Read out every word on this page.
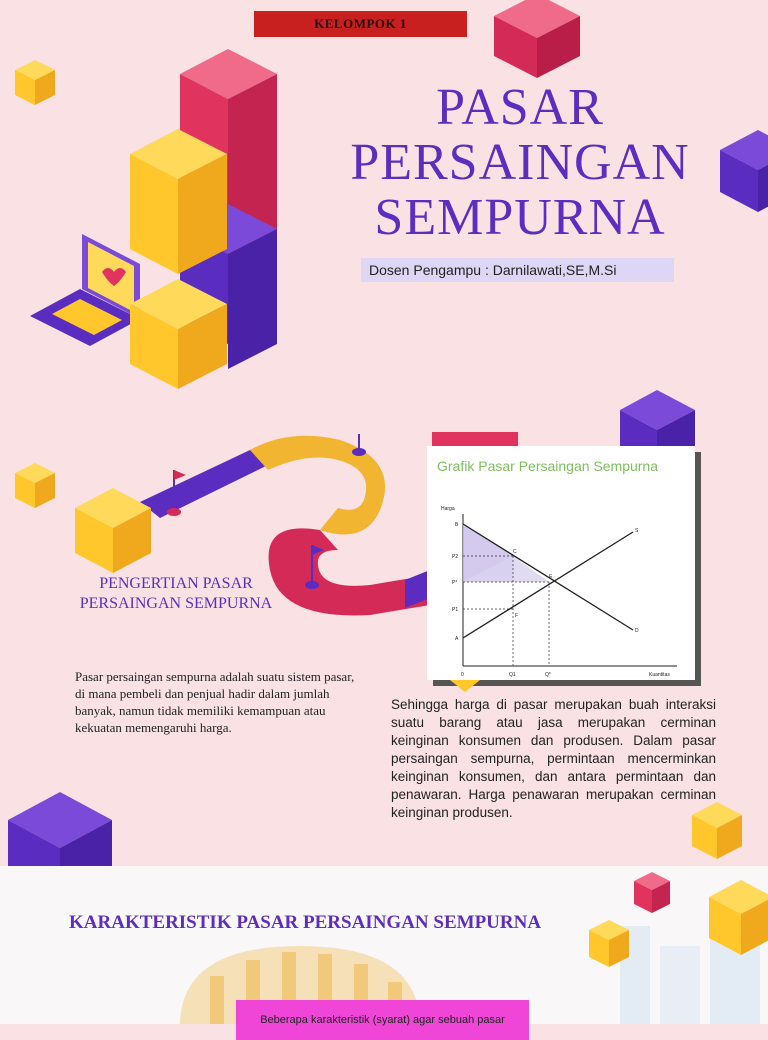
KELOMPOK 1
PASAR
PERSAINGAN
SEMPURNA
Dosen Pengampu : Darnilawati,SE,M.Si
PENGERTIAN PASAR PERSAINGAN SEMPURNA
Pasar persaingan sempurna adalah suatu sistem pasar, di mana pembeli dan penjual hadir dalam jumlah banyak, namun tidak memiliki kemampuan atau kekuatan memengaruhi harga.
Grafik Pasar Persaingan Sempurna
Harga
Kuantitas
B
P2
C
P*
E
P1
F
A
S
D
0	Q1	Q*
Sehingga harga di pasar merupakan buah interaksi suatu barang atau jasa merupakan cerminan keinginan konsumen dan produsen. Dalam pasar persaingan sempurna, permintaan mencerminkan keinginan konsumen, dan antara permintaan dan penawaran. Harga penawaran merupakan cerminan keinginan produsen.
KARAKTERISTIK PASAR PERSAINGAN SEMPURNA
Beberapa karakteristik (syarat) agar sebuah pasar
